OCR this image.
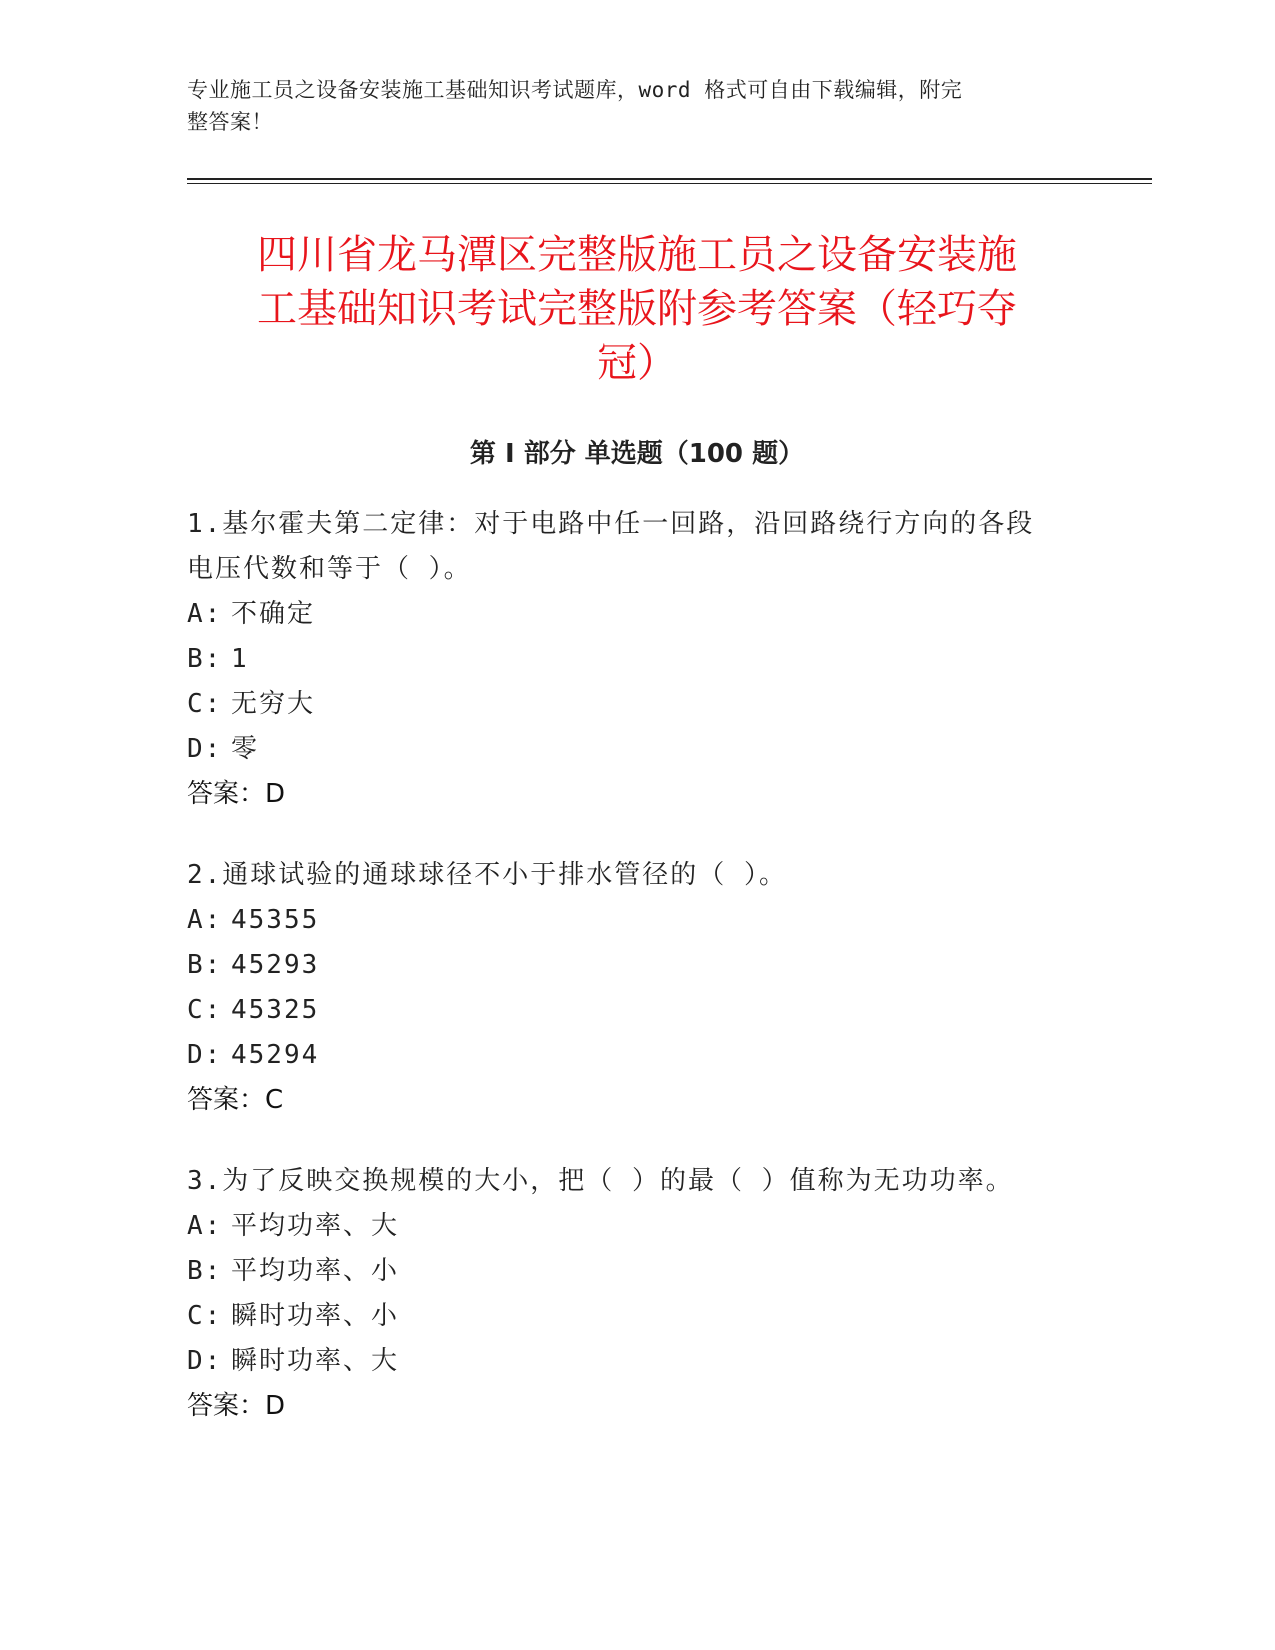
专业施工员之设备安装施工基础知识考试题库，word 格式可自由下载编辑，附完
整答案！
四川省龙马潭区完整版施工员之设备安装施
工基础知识考试完整版附参考答案（轻巧夺
冠）
第 I 部分 单选题（100 题）

1.基尔霍夫第二定律：对于电路中任一回路，沿回路绕行方向的各段

电压代数和等于（ ）。

A: 不确定

B: 1

C: 无穷大

D: 零

答案：D

2.通球试验的通球球径不小于排水管径的（ ）。

A: 45355

B: 45293

C: 45325

D: 45294

答案：C

3.为了反映交换规模的大小，把（ ）的最（ ）值称为无功功率。

A: 平均功率、大

B: 平均功率、小

C: 瞬时功率、小

D: 瞬时功率、大

答案：D
